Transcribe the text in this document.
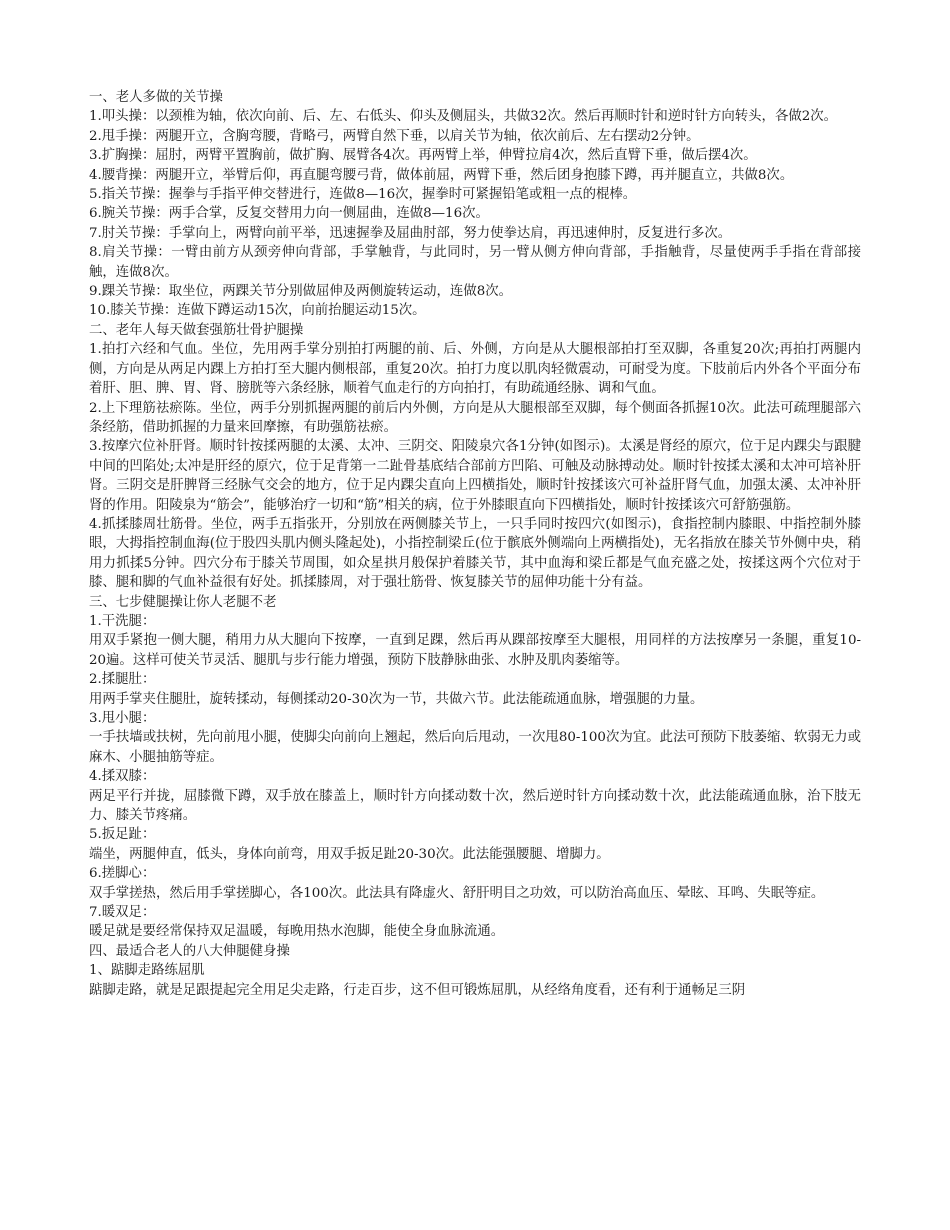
一、老人多做的关节操

1.叩头操：以颈椎为轴，依次向前、后、左、右低头、仰头及侧屈头，共做32次。然后再顺时针和逆时针方向转头，各做2次。

2.甩手操：两腿开立，含胸弯腰，背略弓，两臂自然下垂，以肩关节为轴，依次前后、左右摆动2分钟。

3.扩胸操：屈肘，两臂平置胸前，做扩胸、展臂各4次。再两臂上举，伸臂拉肩4次，然后直臂下垂，做后摆4次。

4.腰背操：两腿开立，举臂后仰，再直腿弯腰弓背，做体前屈，两臂下垂，然后团身抱膝下蹲，再并腿直立，共做8次。

5.指关节操：握拳与手指平伸交替进行，连做8—16次，握拳时可紧握铅笔或粗一点的棍棒。

6.腕关节操：两手合掌，反复交替用力向一侧屈曲，连做8—16次。

7.肘关节操：手掌向上，两臂向前平举，迅速握拳及屈曲肘部，努力使拳达肩，再迅速伸肘，反复进行多次。

8.肩关节操：一臂由前方从颈旁伸向背部，手掌触背，与此同时，另一臂从侧方伸向背部，手指触背，尽量使两手手指在背部接触，连做8次。

9.踝关节操：取坐位，两踝关节分别做屈伸及两侧旋转运动，连做8次。

10.膝关节操：连做下蹲运动15次，向前抬腿运动15次。

二、老年人每天做套强筋壮骨护腿操

1.拍打六经和气血。坐位，先用两手掌分别拍打两腿的前、后、外侧，方向是从大腿根部拍打至双脚，各重复20次;再拍打两腿内侧，方向是从两足内踝上方拍打至大腿内侧根部，重复20次。拍打力度以肌肉轻微震动，可耐受为度。下肢前后内外各个平面分布着肝、胆、脾、胃、肾、膀胱等六条经脉，顺着气血走行的方向拍打，有助疏通经脉、调和气血。

2.上下理筋祛瘀陈。坐位，两手分别抓握两腿的前后内外侧，方向是从大腿根部至双脚，每个侧面各抓握10次。此法可疏理腿部六条经筋，借助抓握的力量来回摩擦，有助强筋祛瘀。

3.按摩穴位补肝肾。顺时针按揉两腿的太溪、太冲、三阴交、阳陵泉穴各1分钟(如图示)。太溪是肾经的原穴，位于足内踝尖与跟腱中间的凹陷处;太冲是肝经的原穴，位于足背第一二趾骨基底结合部前方凹陷、可触及动脉搏动处。顺时针按揉太溪和太冲可培补肝肾。三阴交是肝脾肾三经脉气交会的地方，位于足内踝尖直向上四横指处，顺时针按揉该穴可补益肝肾气血，加强太溪、太冲补肝肾的作用。阳陵泉为“筋会”，能够治疗一切和“筋”相关的病，位于外膝眼直向下四横指处，顺时针按揉该穴可舒筋强筋。

4.抓揉膝周壮筋骨。坐位，两手五指张开，分别放在两侧膝关节上，一只手同时按四穴(如图示)，食指控制内膝眼、中指控制外膝眼，大拇指控制血海(位于股四头肌内侧头隆起处)，小指控制梁丘(位于髌底外侧端向上两横指处)，无名指放在膝关节外侧中央，稍用力抓揉5分钟。四穴分布于膝关节周围，如众星拱月般保护着膝关节，其中血海和梁丘都是气血充盛之处，按揉这两个穴位对于膝、腿和脚的气血补益很有好处。抓揉膝周，对于强壮筋骨、恢复膝关节的屈伸功能十分有益。

三、七步健腿操让你人老腿不老

1.干洗腿：

用双手紧抱一侧大腿，稍用力从大腿向下按摩，一直到足踝，然后再从踝部按摩至大腿根，用同样的方法按摩另一条腿，重复10-20遍。这样可使关节灵活、腿肌与步行能力增强，预防下肢静脉曲张、水肿及肌肉萎缩等。

2.揉腿肚：

用两手掌夹住腿肚，旋转揉动，每侧揉动20-30次为一节，共做六节。此法能疏通血脉，增强腿的力量。

3.甩小腿：

一手扶墙或扶树，先向前甩小腿，使脚尖向前向上翘起，然后向后甩动，一次甩80-100次为宜。此法可预防下肢萎缩、软弱无力或麻木、小腿抽筋等症。

4.揉双膝：

两足平行并拢，屈膝微下蹲，双手放在膝盖上，顺时针方向揉动数十次，然后逆时针方向揉动数十次，此法能疏通血脉，治下肢无力、膝关节疼痛。

5.扳足趾：

端坐，两腿伸直，低头，身体向前弯，用双手扳足趾20-30次。此法能强腰腿、增脚力。

6.搓脚心：

双手掌搓热，然后用手掌搓脚心，各100次。此法具有降虚火、舒肝明目之功效，可以防治高血压、晕眩、耳鸣、失眠等症。

7.暖双足：

暖足就是要经常保持双足温暖，每晚用热水泡脚，能使全身血脉流通。

四、最适合老人的八大伸腿健身操

1、踮脚走路练屈肌

踮脚走路，就是足跟提起完全用足尖走路，行走百步，这不但可锻炼屈肌，从经络角度看，还有利于通畅足三阴
